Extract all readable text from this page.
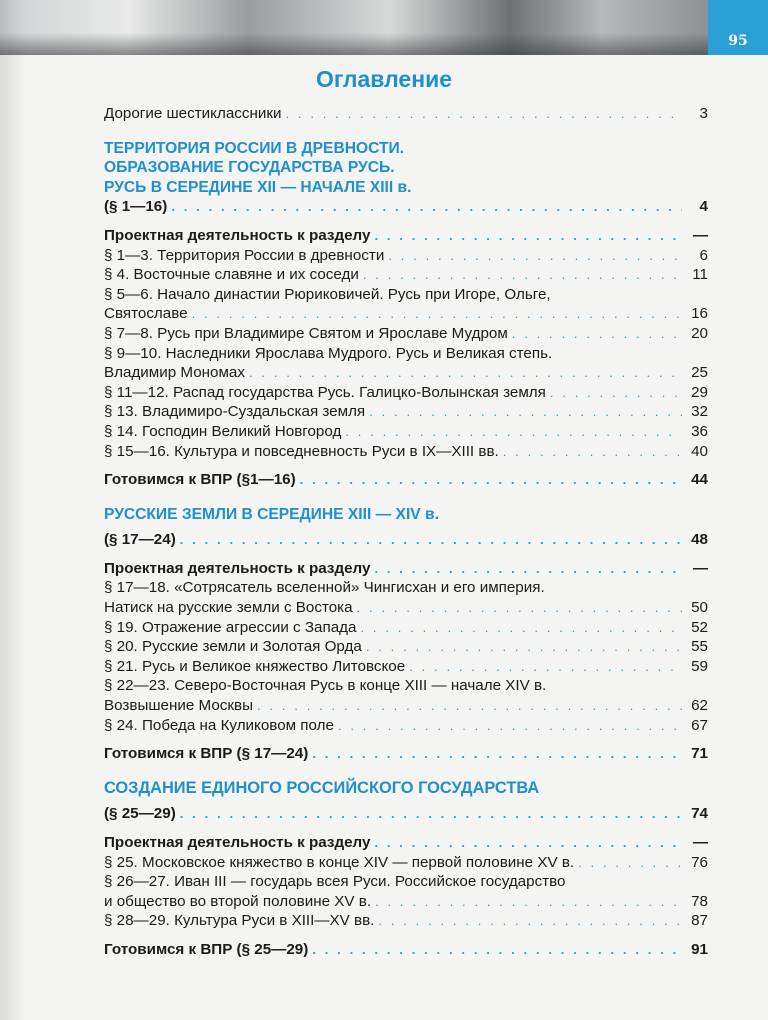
95
Оглавление
Дорогие шестиклассники . . .	3
ТЕРРИТОРИЯ РОССИИ В ДРЕВНОСТИ.
ОБРАЗОВАНИЕ ГОСУДАРСТВА РУСЬ.
РУСЬ В СЕРЕДИНЕ XII — НАЧАЛЕ XIII в.
(§ 1—16) . . .	4
Проектная деятельность к разделу . . .	—
§ 1—3. Территория России в древности . . .	6
§ 4. Восточные славяне и их соседи . . .	11
§ 5—6. Начало династии Рюриковичей. Русь при Игоре, Ольге,
Святославе . . .	16
§ 7—8. Русь при Владимире Святом и Ярославе Мудром . . .	20
§ 9—10. Наследники Ярослава Мудрого. Русь и Великая степь.
Владимир Мономах . . .	25
§ 11—12. Распад государства Русь. Галицко-Волынская земля . . .	29
§ 13. Владимиро-Суздальская земля . . .	32
§ 14. Господин Великий Новгород . . .	36
§ 15—16. Культура и повседневность Руси в IX—XIII вв. . . .	40
Готовимся к ВПР (§1—16) . . .	44
РУССКИЕ ЗЕМЛИ В СЕРЕДИНЕ XIII — XIV в.
(§ 17—24) . . .	48
Проектная деятельность к разделу . . .	—
§ 17—18. «Сотрясатель вселенной» Чингисхан и его империя.
Натиск на русские земли с Востока . . .	50
§ 19. Отражение агрессии с Запада . . .	52
§ 20. Русские земли и Золотая Орда . . .	55
§ 21. Русь и Великое княжество Литовское . . .	59
§ 22—23. Северо-Восточная Русь в конце XIII — начале XIV в.
Возвышение Москвы . . .	62
§ 24. Победа на Куликовом поле . . .	67
Готовимся к ВПР (§ 17—24) . . .	71
СОЗДАНИЕ ЕДИНОГО РОССИЙСКОГО ГОСУДАРСТВА
(§ 25—29) . . .	74
Проектная деятельность к разделу . . .	—
§ 25. Московское княжество в конце XIV — первой половине XV в. . . .	76
§ 26—27. Иван III — государь всея Руси. Российское государство
и общество во второй половине XV в. . . .	78
§ 28—29. Культура Руси в XIII—XV вв. . . .	87
Готовимся к ВПР (§ 25—29) . . .	91
